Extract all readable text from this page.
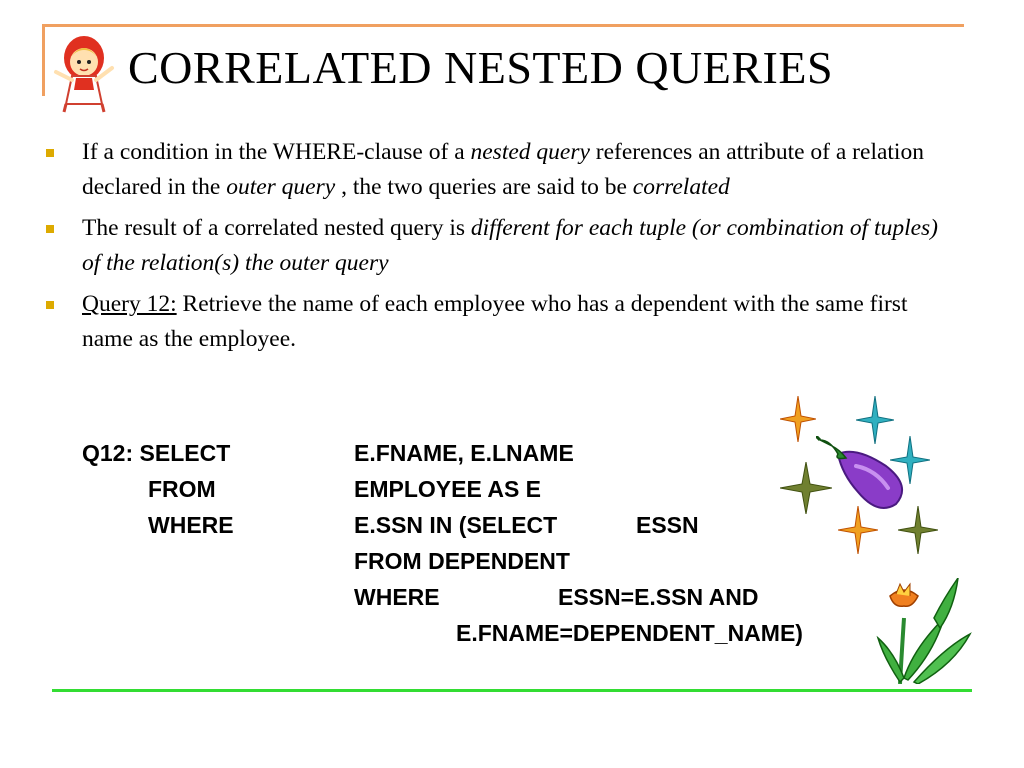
CORRELATED NESTED QUERIES
If a condition in the WHERE-clause of a nested query references an attribute of a relation declared in the outer query , the two queries are said to be correlated
The result of a correlated nested query is different for each tuple (or combination of tuples) of the relation(s) the outer query
Query 12: Retrieve the name of each employee who has a dependent with the same first name as the employee.
Q12: SELECT	E.FNAME, E.LNAME
FROM	EMPLOYEE AS E
WHERE	E.SSN IN (SELECT	ESSN
FROM DEPENDENT
WHERE	ESSN=E.SSN AND
E.FNAME=DEPENDENT_NAME)
